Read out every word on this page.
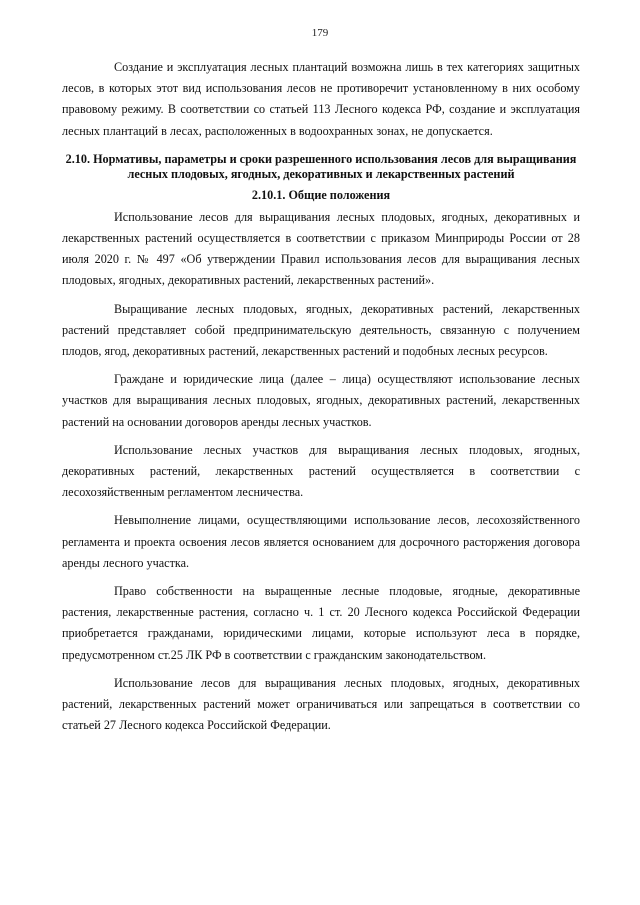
179

Создание и эксплуатация лесных плантаций возможна лишь в тех категориях защитных лесов, в которых этот вид использования лесов не противоречит установленному в них особому правовому режиму. В соответствии со статьей 113 Лесного кодекса РФ, создание и эксплуатация лесных плантаций в лесах, расположенных в водоохранных зонах, не допускается.

2.10. Нормативы, параметры и сроки разрешенного использования лесов для выращивания лесных плодовых, ягодных, декоративных и лекарственных растений
2.10.1. Общие положения

Использование лесов для выращивания лесных плодовых, ягодных, декоративных и лекарственных растений осуществляется в соответствии с приказом Минприроды России от 28 июля 2020 г. № 497 «Об утверждении Правил использования лесов для выращивания лесных плодовых, ягодных, декоративных растений, лекарственных растений».

Выращивание лесных плодовых, ягодных, декоративных растений, лекарственных растений представляет собой предпринимательскую деятельность, связанную с получением плодов, ягод, декоративных растений, лекарственных растений и подобных лесных ресурсов.

Граждане и юридические лица (далее – лица) осуществляют использование лесных участков для выращивания лесных плодовых, ягодных, декоративных растений, лекарственных растений на основании договоров аренды лесных участков.

Использование лесных участков для выращивания лесных плодовых, ягодных, декоративных растений, лекарственных растений осуществляется в соответствии с лесохозяйственным регламентом лесничества.

Невыполнение лицами, осуществляющими использование лесов, лесохозяйственного регламента и проекта освоения лесов является основанием для досрочного расторжения договора аренды лесного участка.

Право собственности на выращенные лесные плодовые, ягодные, декоративные растения, лекарственные растения, согласно ч. 1 ст. 20 Лесного кодекса Российской Федерации приобретается гражданами, юридическими лицами, которые используют леса в порядке, предусмотренном ст.25 ЛК РФ в соответствии с гражданским законодательством.

Использование лесов для выращивания лесных плодовых, ягодных, декоративных растений, лекарственных растений может ограничиваться или запрещаться в соответствии со статьей 27 Лесного кодекса Российской Федерации.
